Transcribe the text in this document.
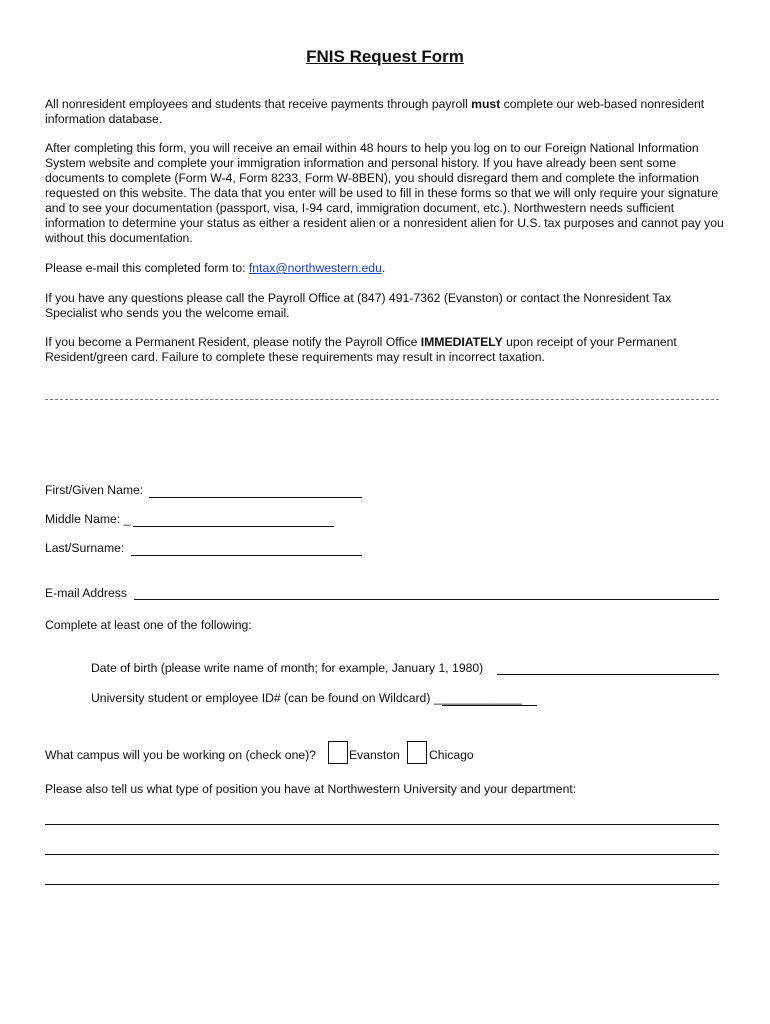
FNIS Request Form

All nonresident employees and students that receive payments through payroll must complete our web-based nonresident information database.

After completing this form, you will receive an email within 48 hours to help you log on to our Foreign National Information System website and complete your immigration information and personal history. If you have already been sent some documents to complete (Form W-4, Form 8233, Form W-8BEN), you should disregard them and complete the information requested on this website. The data that you enter will be used to fill in these forms so that we will only require your signature and to see your documentation (passport, visa, I-94 card, immigration document, etc.). Northwestern needs sufficient information to determine your status as either a resident alien or a nonresident alien for U.S. tax purposes and cannot pay you without this documentation.

Please e-mail this completed form to: fntax@northwestern.edu.

If you have any questions please call the Payroll Office at (847) 491-7362 (Evanston) or contact the Nonresident Tax Specialist who sends you the welcome email.

If you become a Permanent Resident, please notify the Payroll Office IMMEDIATELY upon receipt of your Permanent Resident/green card. Failure to complete these requirements may result in incorrect taxation.

First/Given Name:
Middle Name: _
Last/Surname:
E-mail Address
Complete at least one of the following:
Date of birth (please write name of month; for example, January 1, 1980)
University student or employee ID# (can be found on Wildcard) _____________
What campus will you be working on (check one)?	Evanston Chicago
Please also tell us what type of position you have at Northwestern University and your department:
